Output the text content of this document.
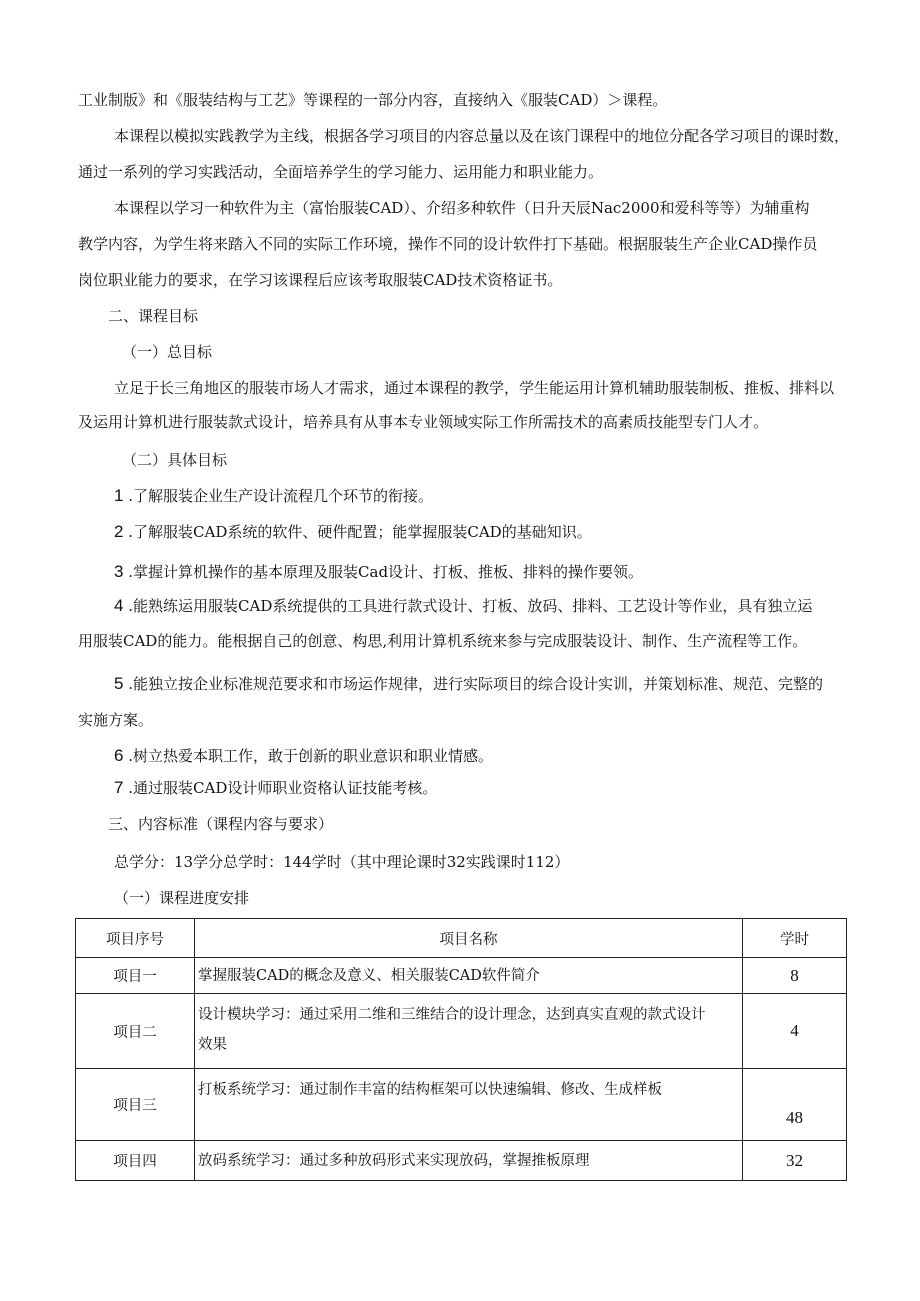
工业制版》和《服装结构与工艺》等课程的一部分内容，直接纳入《服装CAD）＞课程。
本课程以模拟实践教学为主线，根据各学习项目的内容总量以及在该门课程中的地位分配各学习项目的课时数，
通过一系列的学习实践活动，全面培养学生的学习能力、运用能力和职业能力。
本课程以学习一种软件为主（富怡服装CAD）、介绍多种软件（日升天辰Nac2000和爱科等等）为辅重构
教学内容，为学生将来踏入不同的实际工作环境，操作不同的设计软件打下基础。根据服装生产企业CAD操作员
岗位职业能力的要求，在学习该课程后应该考取服装CAD技术资格证书。
二、课程目标
（一）总目标
立足于长三角地区的服装市场人才需求，通过本课程的教学，学生能运用计算机辅助服装制板、推板、排料以
及运用计算机进行服装款式设计，培养具有从事本专业领域实际工作所需技术的高素质技能型专门人才。
（二）具体目标
1 .了解服装企业生产设计流程几个环节的衔接。
2 .了解服装CAD系统的软件、硬件配置；能掌握服装CAD的基础知识。
3 .掌握计算机操作的基本原理及服装Cad设计、打板、推板、排料的操作要领。
4 .能熟练运用服装CAD系统提供的工具进行款式设计、打板、放码、排料、工艺设计等作业，具有独立运
用服装CAD的能力。能根据自己的创意、构思,利用计算机系统来参与完成服装设计、制作、生产流程等工作。
5 .能独立按企业标准规范要求和市场运作规律，进行实际项目的综合设计实训，并策划标准、规范、完整的
实施方案。
6 .树立热爱本职工作，敢于创新的职业意识和职业情感。
7 .通过服装CAD设计师职业资格认证技能考核。
三、内容标准（课程内容与要求）
总学分：13学分总学时：144学时（其中理论课时32实践课时112）
（一）课程进度安排
项目序号	项目名称	学时
项目一	掌握服装CAD的概念及意义、相关服装CAD软件简介	8
项目二	设计模块学习：通过采用二维和三维结合的设计理念，达到真实直观的款式设计
效果	4
项目三	打板系统学习：通过制作丰富的结构框架可以快速编辑、修改、生成样板	48
项目四	放码系统学习：通过多种放码形式来实现放码，掌握推板原理	32
